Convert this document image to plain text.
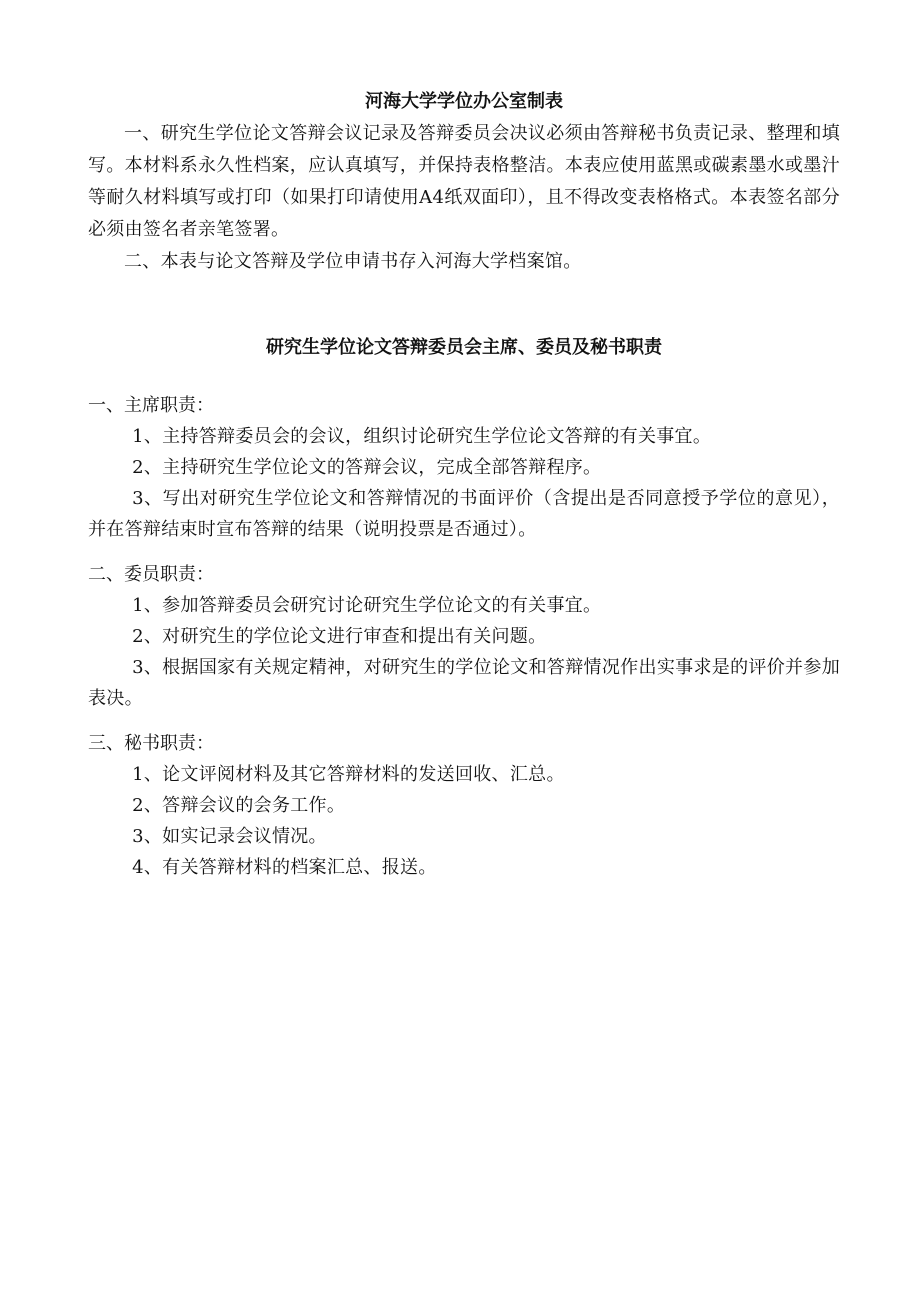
河海大学学位办公室制表

一、研究生学位论文答辩会议记录及答辩委员会决议必须由答辩秘书负责记录、整理和填写。本材料系永久性档案，应认真填写，并保持表格整洁。本表应使用蓝黑或碳素墨水或墨汁等耐久材料填写或打印（如果打印请使用A4纸双面印），且不得改变表格格式。本表签名部分必须由签名者亲笔签署。

二、本表与论文答辩及学位申请书存入河海大学档案馆。

研究生学位论文答辩委员会主席、委员及秘书职责

一、主席职责：

1、主持答辩委员会的会议，组织讨论研究生学位论文答辩的有关事宜。

2、主持研究生学位论文的答辩会议，完成全部答辩程序。

3、写出对研究生学位论文和答辩情况的书面评价（含提出是否同意授予学位的意见），并在答辩结束时宣布答辩的结果（说明投票是否通过）。

二、委员职责：

1、参加答辩委员会研究讨论研究生学位论文的有关事宜。

2、对研究生的学位论文进行审查和提出有关问题。

3、根据国家有关规定精神，对研究生的学位论文和答辩情况作出实事求是的评价并参加表决。

三、秘书职责：

1、论文评阅材料及其它答辩材料的发送回收、汇总。

2、答辩会议的会务工作。

3、如实记录会议情况。

4、有关答辩材料的档案汇总、报送。
